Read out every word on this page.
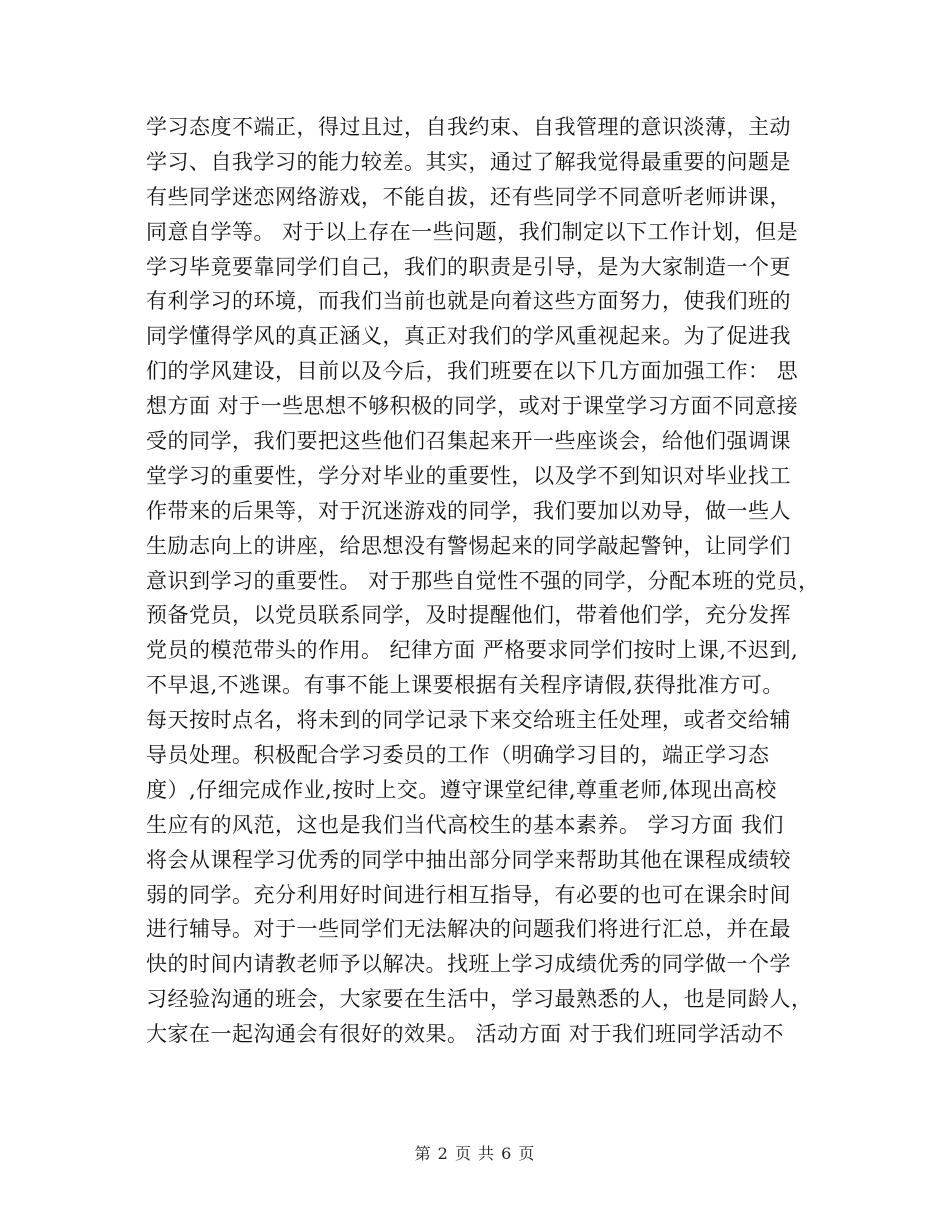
学习态度不端正，得过且过，自我约束、自我管理的意识淡薄，主动
学习、自我学习的能力较差。其实，通过了解我觉得最重要的问题是
有些同学迷恋网络游戏，不能自拔，还有些同学不同意听老师讲课，
同意自学等。 对于以上存在一些问题，我们制定以下工作计划，但是
学习毕竟要靠同学们自己，我们的职责是引导，是为大家制造一个更
有利学习的环境，而我们当前也就是向着这些方面努力，使我们班的
同学懂得学风的真正涵义，真正对我们的学风重视起来。为了促进我
们的学风建设，目前以及今后，我们班要在以下几方面加强工作： 思
想方面 对于一些思想不够积极的同学，或对于课堂学习方面不同意接
受的同学，我们要把这些他们召集起来开一些座谈会，给他们强调课
堂学习的重要性，学分对毕业的重要性，以及学不到知识对毕业找工
作带来的后果等，对于沉迷游戏的同学，我们要加以劝导，做一些人
生励志向上的讲座，给思想没有警惕起来的同学敲起警钟，让同学们
意识到学习的重要性。 对于那些自觉性不强的同学，分配本班的党员，
预备党员，以党员联系同学，及时提醒他们，带着他们学，充分发挥
党员的模范带头的作用。 纪律方面 严格要求同学们按时上课,不迟到,
不早退,不逃课。有事不能上课要根据有关程序请假,获得批准方可。
每天按时点名，将未到的同学记录下来交给班主任处理，或者交给辅
导员处理。积极配合学习委员的工作（明确学习目的，端正学习态
度）,仔细完成作业,按时上交。遵守课堂纪律,尊重老师,体现出高校
生应有的风范，这也是我们当代高校生的基本素养。 学习方面 我们
将会从课程学习优秀的同学中抽出部分同学来帮助其他在课程成绩较
弱的同学。充分利用好时间进行相互指导，有必要的也可在课余时间
进行辅导。对于一些同学们无法解决的问题我们将进行汇总，并在最
快的时间内请教老师予以解决。找班上学习成绩优秀的同学做一个学
习经验沟通的班会，大家要在生活中，学习最熟悉的人，也是同龄人，
大家在一起沟通会有很好的效果。 活动方面 对于我们班同学活动不
第 2 页 共 6 页
